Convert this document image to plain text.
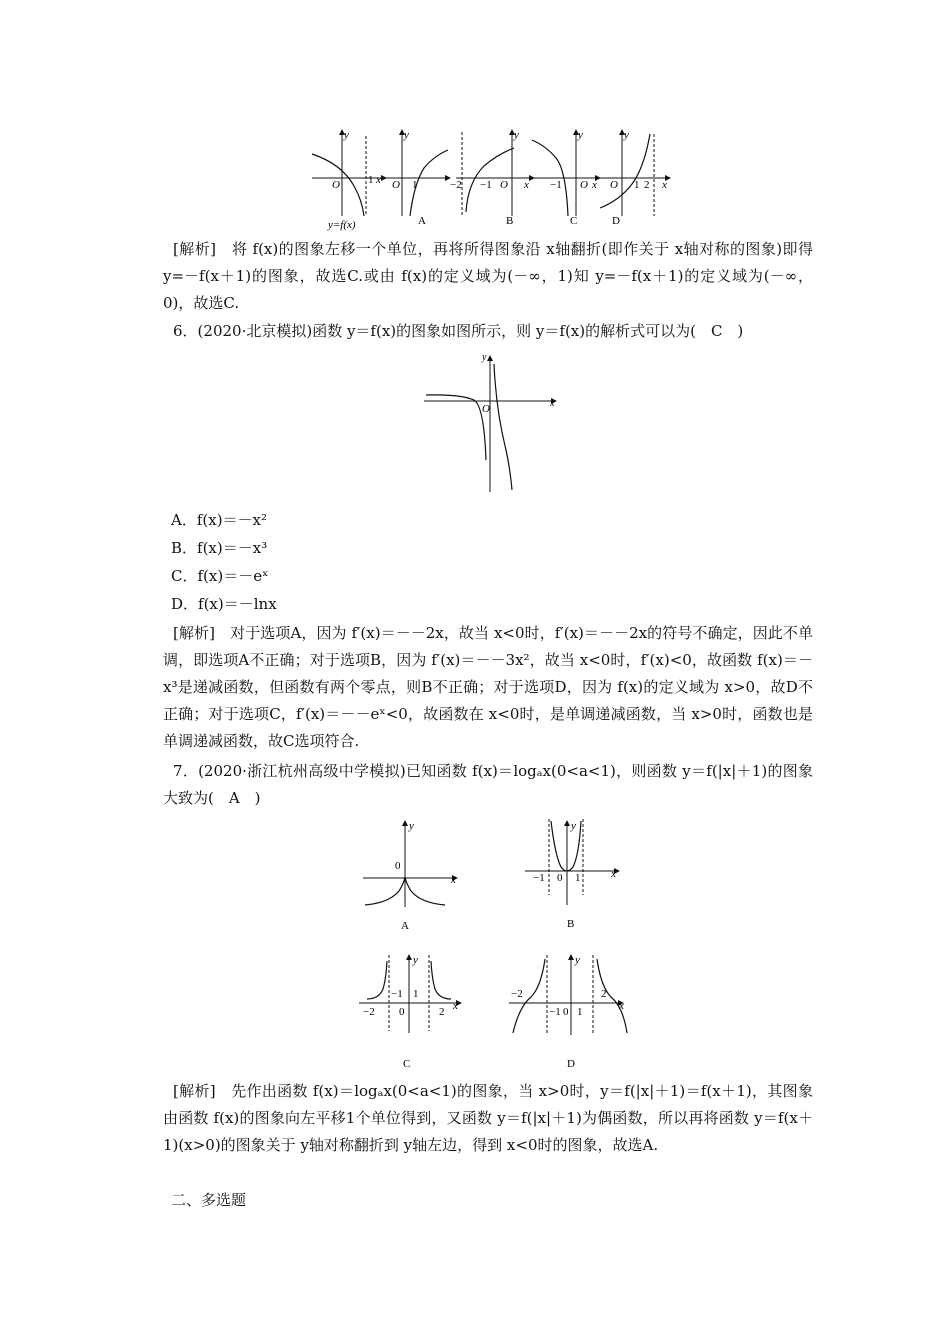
y
O	1 x
y=f(x)
y
O 1
A
y
−2 −1 O x
B
y
−1 O x
C
y
O 1 2 x
D

[解析]　将 f(x)的图象左移一个单位，再将所得图象沿 x轴翻折(即作关于 x轴对称的图象)即得 y=－f(x＋1)的图象，故选C.或由 f(x)的定义域为(－∞，1)知 y=－f(x＋1)的定义域为(－∞，0)，故选C.

6．(2020·北京模拟)函数 y＝f(x)的图象如图所示，则 y＝f(x)的解析式可以为(　C　)

y
O	x

A．f(x)＝－x²

B．f(x)＝－x³

C．f(x)＝－eˣ

D．f(x)＝－lnx

[解析]　对于选项A，因为 f′(x)＝－－2x，故当 x<0时，f′(x)＝－－2x的符号不确定，因此不单调，即选项A不正确；对于选项B，因为 f′(x)＝－－3x²，故当 x<0时，f′(x)<0，故函数 f(x)＝－x³是递减函数，但函数有两个零点，则B不正确；对于选项D，因为 f(x)的定义域为 x>0，故D不正确；对于选项C，f′(x)＝－－eˣ<0，故函数在 x<0时，是单调递减函数，当 x>0时，函数也是单调递减函数，故C选项符合.

7．(2020·浙江杭州高级中学模拟)已知函数 f(x)＝logₐx(0<a<1)，则函数 y＝f(|x|＋1)的图象大致为(　A　)

y
0
x
A
y
−1 0 1	x
B
y
−1 1
−2 0	2 x
C
y
−2	2
−1 0 1	x
D

[解析]　先作出函数 f(x)＝logₐx(0<a<1)的图象，当 x>0时，y＝f(|x|＋1)＝f(x＋1)，其图象由函数 f(x)的图象向左平移1个单位得到，又函数 y＝f(|x|＋1)为偶函数，所以再将函数 y＝f(x＋1)(x>0)的图象关于 y轴对称翻折到 y轴左边，得到 x<0时的图象，故选A.

二、多选题
